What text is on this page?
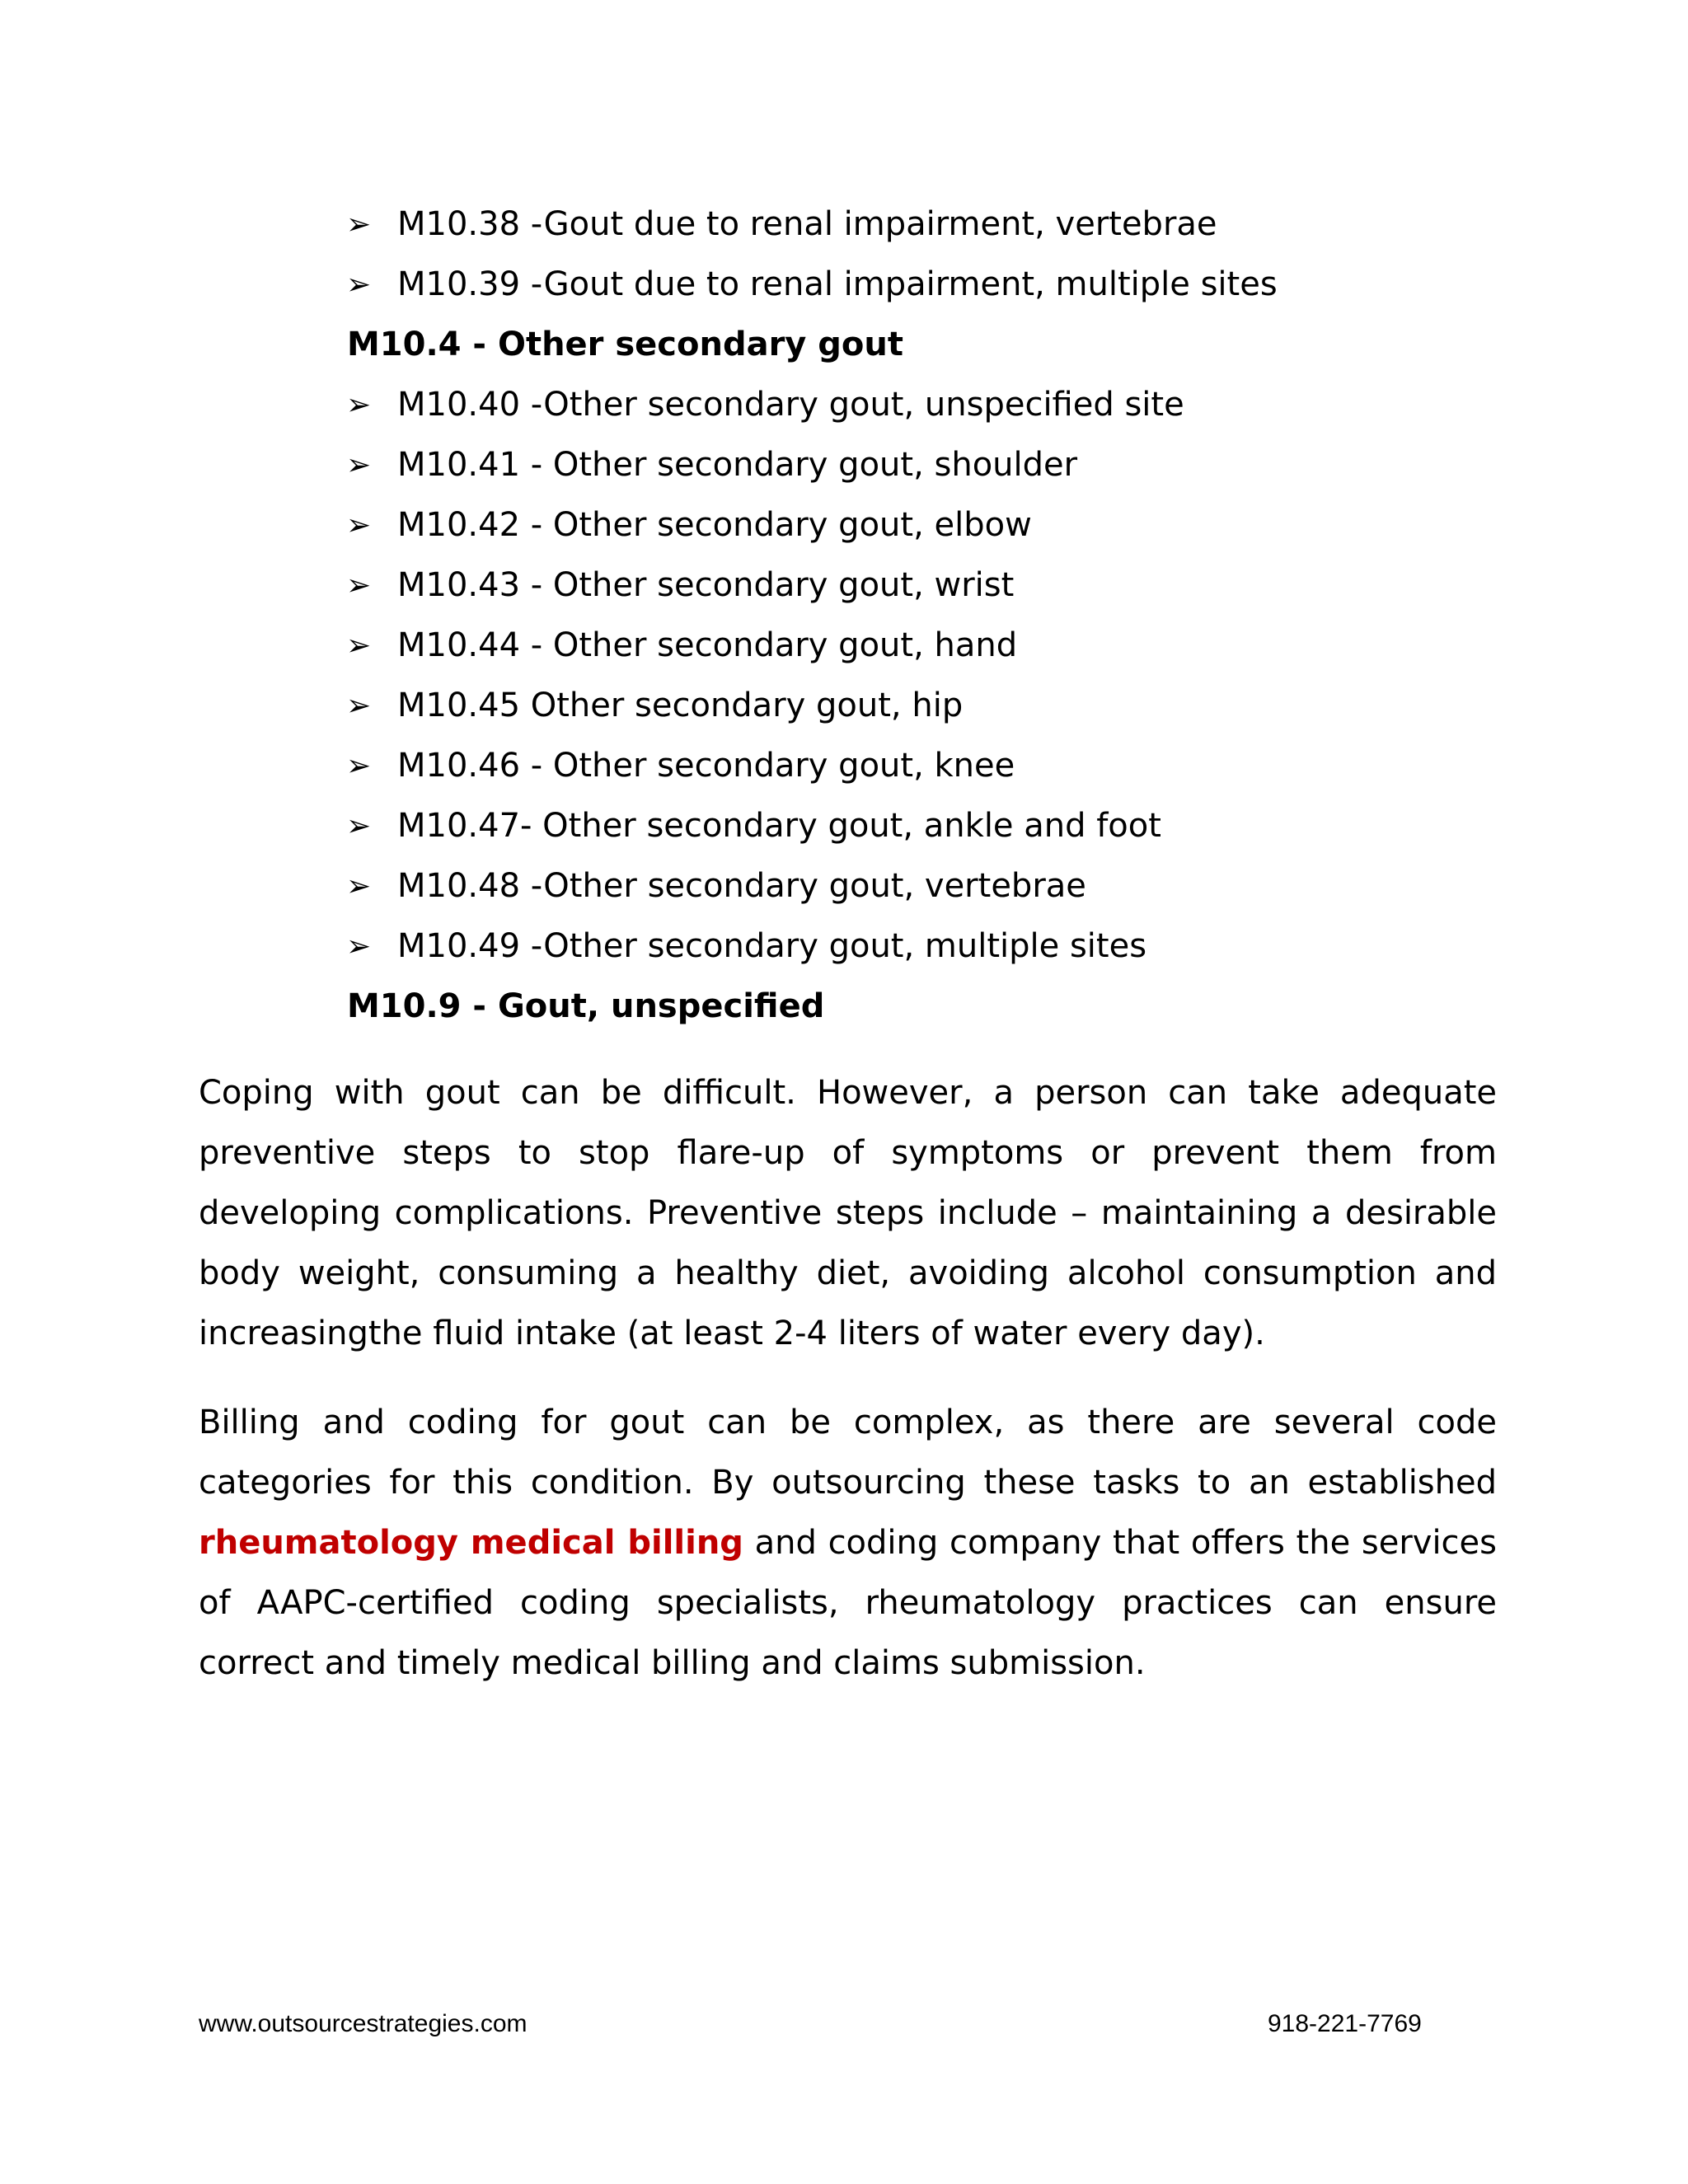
➢ M10.38 -Gout due to renal impairment, vertebrae
➢ M10.39 -Gout due to renal impairment, multiple sites
M10.4 - Other secondary gout
➢ M10.40 -Other secondary gout, unspecified site
➢ M10.41 - Other secondary gout, shoulder
➢ M10.42 - Other secondary gout, elbow
➢ M10.43 - Other secondary gout, wrist
➢ M10.44 - Other secondary gout, hand
➢ M10.45 Other secondary gout, hip
➢ M10.46 - Other secondary gout, knee
➢ M10.47- Other secondary gout, ankle and foot
➢ M10.48 -Other secondary gout, vertebrae
➢ M10.49 -Other secondary gout, multiple sites
M10.9 - Gout, unspecified

Coping with gout can be difficult. However, a person can take adequate preventive steps to stop flare-up of symptoms or prevent them from developing complications. Preventive steps include – maintaining a desirable body weight, consuming a healthy diet, avoiding alcohol consumption and increasingthe fluid intake (at least 2-4 liters of water every day).

Billing and coding for gout can be complex, as there are several code categories for this condition. By outsourcing these tasks to an established rheumatology medical billing and coding company that offers the services of AAPC-certified coding specialists, rheumatology practices can ensure correct and timely medical billing and claims submission.

www.outsourcestrategies.com	918-221-7769
